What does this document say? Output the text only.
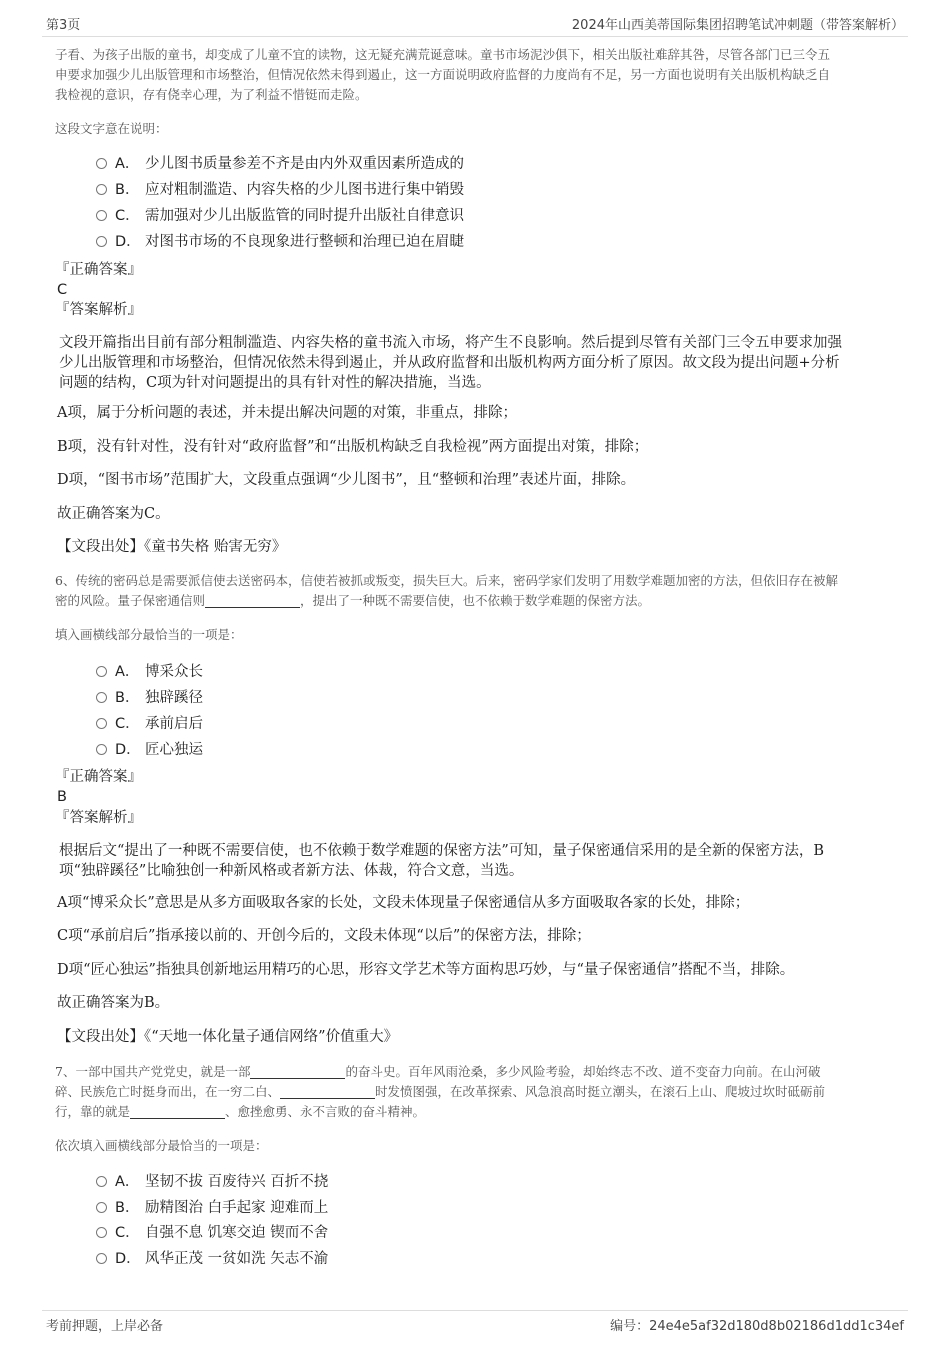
第3页	2024年山西美蒂国际集团招聘笔试冲刺题（带答案解析）
子看、为孩子出版的童书，却变成了儿童不宜的读物，这无疑充满荒诞意味。童书市场泥沙俱下，相关出版社难辞其咎，尽管各部门已三令五
申要求加强少儿出版管理和市场整治，但情况依然未得到遏止，这一方面说明政府监督的力度尚有不足，另一方面也说明有关出版机构缺乏自
我检视的意识，存有侥幸心理，为了利益不惜铤而走险。
这段文字意在说明：
A． 少儿图书质量参差不齐是由内外双重因素所造成的
B． 应对粗制滥造、内容失格的少儿图书进行集中销毁
C． 需加强对少儿出版监管的同时提升出版社自律意识
D． 对图书市场的不良现象进行整顿和治理已迫在眉睫
『正确答案』
C
『答案解析』
文段开篇指出目前有部分粗制滥造、内容失格的童书流入市场，将产生不良影响。然后提到尽管有关部门三令五申要求加强
少儿出版管理和市场整治，但情况依然未得到遏止，并从政府监督和出版机构两方面分析了原因。故文段为提出问题+分析
问题的结构，C项为针对问题提出的具有针对性的解决措施，当选。
A项，属于分析问题的表述，并未提出解决问题的对策，非重点，排除；
B项，没有针对性，没有针对“政府监督”和“出版机构缺乏自我检视”两方面提出对策，排除；
D项，“图书市场”范围扩大，文段重点强调“少儿图书”，且“整顿和治理”表述片面，排除。
故正确答案为C。
【文段出处】《童书失格 贻害无穷》
6、传统的密码总是需要派信使去送密码本，信使若被抓或叛变，损失巨大。后来，密码学家们发明了用数学难题加密的方法，但依旧存在被解
密的风险。量子保密通信则	，提出了一种既不需要信使，也不依赖于数学难题的保密方法。
填入画横线部分最恰当的一项是：
A． 博采众长
B． 独辟蹊径
C． 承前启后
D． 匠心独运
『正确答案』
B
『答案解析』
根据后文“提出了一种既不需要信使，也不依赖于数学难题的保密方法”可知，量子保密通信采用的是全新的保密方法，B
项“独辟蹊径”比喻独创一种新风格或者新方法、体裁，符合文意，当选。
A项“博采众长”意思是从多方面吸取各家的长处，文段未体现量子保密通信从多方面吸取各家的长处，排除；
C项“承前启后”指承接以前的、开创今后的，文段未体现“以后”的保密方法，排除；
D项“匠心独运”指独具创新地运用精巧的心思，形容文学艺术等方面构思巧妙，与“量子保密通信”搭配不当，排除。
故正确答案为B。
【文段出处】《“天地一体化量子通信网络”价值重大》
7、一部中国共产党党史，就是一部	的奋斗史。百年风雨沧桑，多少风险考验，却始终志不改、道不变奋力向前。在山河破
碎、民族危亡时挺身而出，在一穷二白、	时发愤图强，在改革探索、风急浪高时挺立潮头，在滚石上山、爬坡过坎时砥砺前
行，靠的就是	、愈挫愈勇、永不言败的奋斗精神。
依次填入画横线部分最恰当的一项是：
A． 坚韧不拔 百废待兴 百折不挠
B． 励精图治 白手起家 迎难而上
C． 自强不息 饥寒交迫 锲而不舍
D． 风华正茂 一贫如洗 矢志不渝
考前押题，上岸必备	编号：24e4e5af32d180d8b02186d1dd1c34ef
